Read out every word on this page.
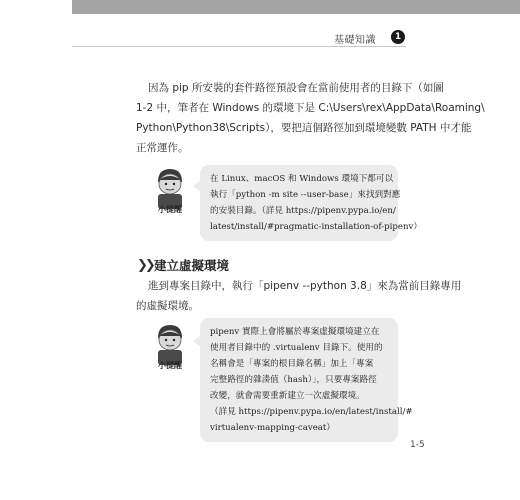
基礎知識	1
因為 pip 所安裝的套件路徑預設會在當前使用者的目錄下（如圖
1-2 中，筆者在 Windows 的環境下是 C:\Users\rex\AppData\Roaming\
Python\Python38\Scripts），要把這個路徑加到環境變數 PATH 中才能
正常運作。
小提醒
在 Linux、macOS 和 Windows 環境下都可以
執行「python -m site --user-base」來找到對應
的安裝目錄。（詳見 https://pipenv.pypa.io/en/
latest/install/#pragmatic-installation-of-pipenv）
❯❯ 建立虛擬環境
進到專案目錄中，執行「pipenv --python 3.8」來為當前目錄專用
的虛擬環境。
小提醒
pipenv 實際上會將屬於專案虛擬環境建立在
使用者目錄中的 .virtualenv 目錄下。使用的
名稱會是「專案的根目錄名稱」加上「專案
完整路徑的雜湊值（hash）」，只要專案路徑
改變，就會需要重新建立一次虛擬環境。
（詳見 https://pipenv.pypa.io/en/latest/install/#
virtualenv-mapping-caveat）
1-5
